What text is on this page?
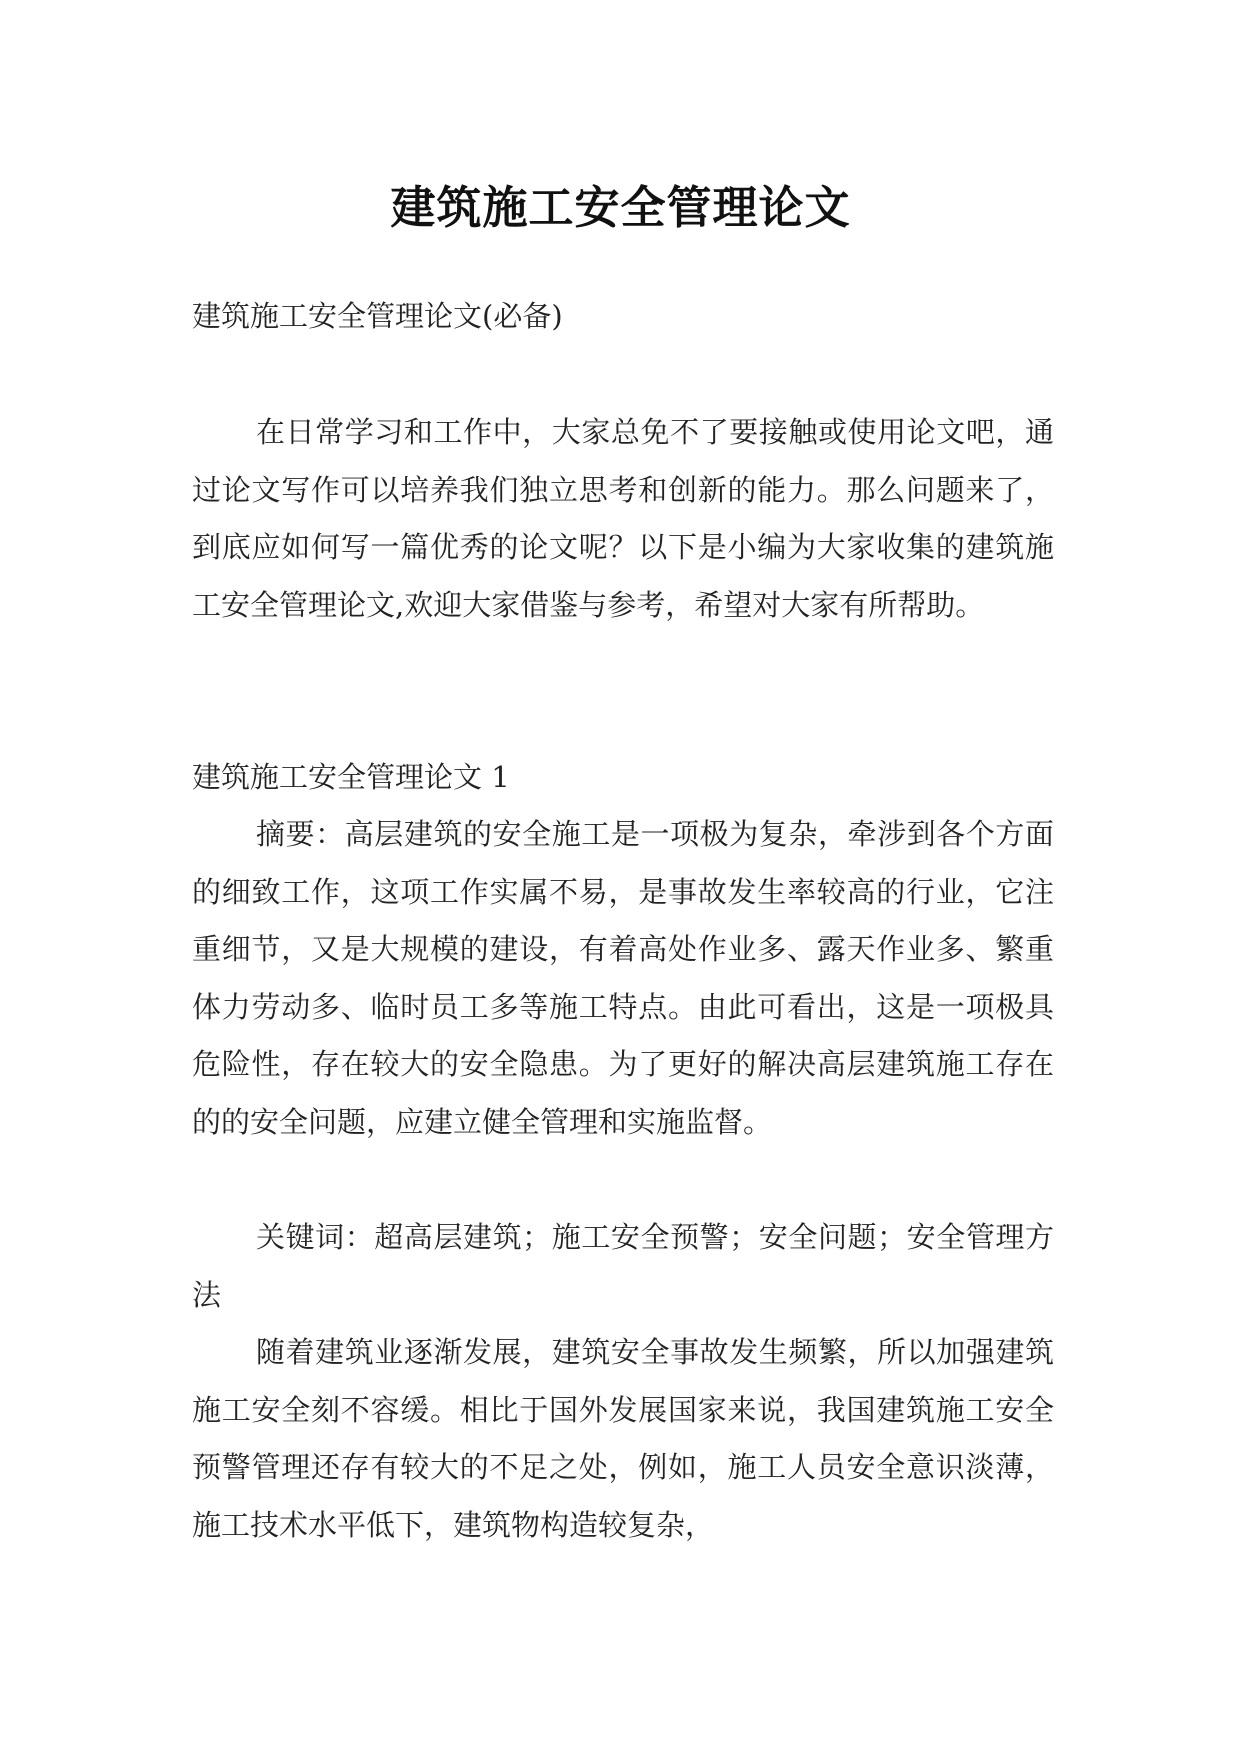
建筑施工安全管理论文

建筑施工安全管理论文(必备)

在日常学习和工作中，大家总免不了要接触或使用论文吧，通过论文写作可以培养我们独立思考和创新的能力。那么问题来了，到底应如何写一篇优秀的论文呢？以下是小编为大家收集的建筑施工安全管理论文,欢迎大家借鉴与参考，希望对大家有所帮助。

建筑施工安全管理论文 1

摘要：高层建筑的安全施工是一项极为复杂，牵涉到各个方面的细致工作，这项工作实属不易，是事故发生率较高的行业，它注重细节，又是大规模的建设，有着高处作业多、露天作业多、繁重体力劳动多、临时员工多等施工特点。由此可看出，这是一项极具危险性，存在较大的安全隐患。为了更好的解决高层建筑施工存在的的安全问题，应建立健全管理和实施监督。

关键词：超高层建筑；施工安全预警；安全问题；安全管理方法

随着建筑业逐渐发展，建筑安全事故发生频繁，所以加强建筑施工安全刻不容缓。相比于国外发展国家来说，我国建筑施工安全预警管理还存有较大的不足之处，例如，施工人员安全意识淡薄，施工技术水平低下，建筑物构造较复杂，
